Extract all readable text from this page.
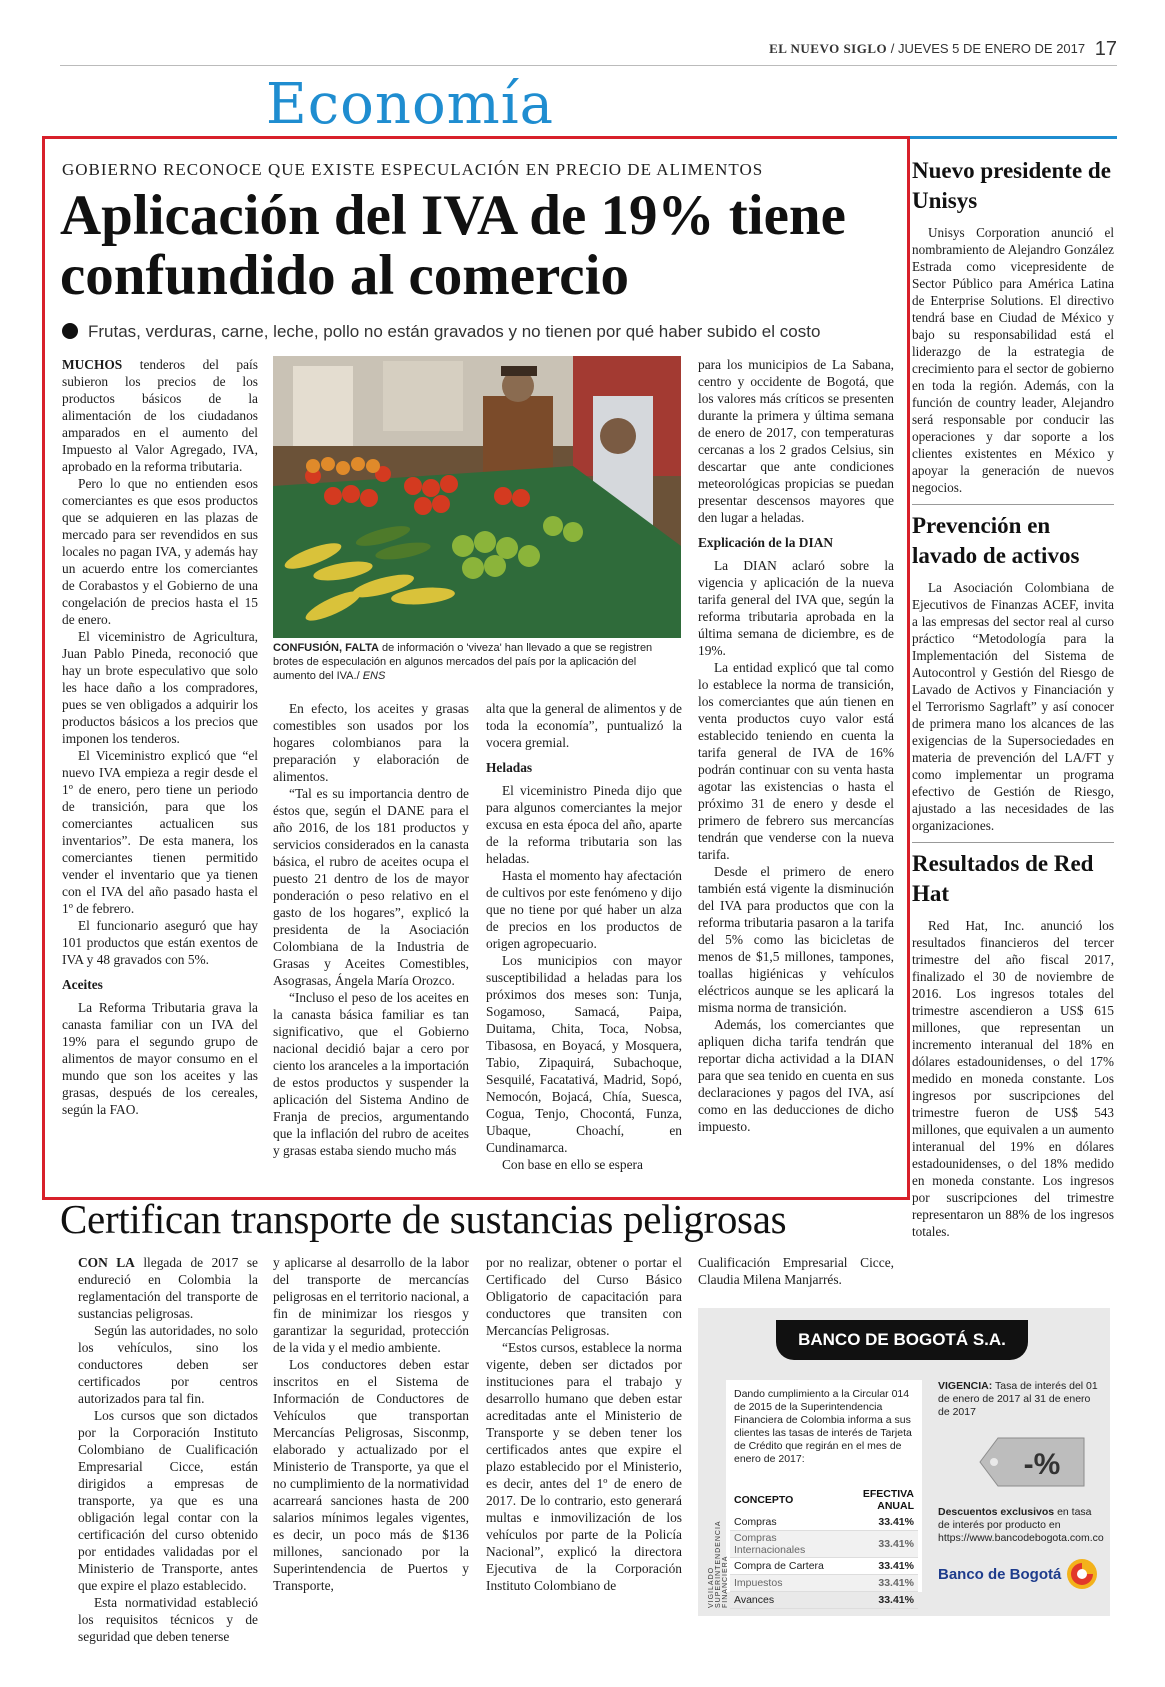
EL NUEVO SIGLO / JUEVES 5 DE ENERO DE 2017 17
Economía
GOBIERNO RECONOCE QUE EXISTE ESPECULACIÓN EN PRECIO DE ALIMENTOS
Aplicación del IVA de 19% tiene confundido al comercio
Frutas, verduras, carne, leche, pollo no están gravados y no tienen por qué haber subido el costo

MUCHOS tenderos del país subieron los precios de los productos básicos de la alimentación de los ciudadanos amparados en el aumento del Impuesto al Valor Agregado, IVA, aprobado en la reforma tributaria.

Pero lo que no entienden esos comerciantes es que esos productos que se adquieren en las plazas de mercado para ser revendidos en sus locales no pagan IVA, y además hay un acuerdo entre los comerciantes de Corabastos y el Gobierno de una congelación de precios hasta el 15 de enero.

El viceministro de Agricultura, Juan Pablo Pineda, reconoció que hay un brote especulativo que solo les hace daño a los compradores, pues se ven obligados a adquirir los productos básicos a los precios que imponen los tenderos.

El Viceministro explicó que “el nuevo IVA empieza a regir desde el 1º de enero, pero tiene un periodo de transición, para que los comerciantes actualicen sus inventarios”. De esta manera, los comerciantes tienen permitido vender el inventario que ya tienen con el IVA del año pasado hasta el 1º de febrero.

El funcionario aseguró que hay 101 productos que están exentos de IVA y 48 gravados con 5%.

Aceites

La Reforma Tributaria grava la canasta familiar con un IVA del 19% para el segundo grupo de alimentos de mayor consumo en el mundo que son los aceites y las grasas, después de los cereales, según la FAO.

CONFUSIÓN, FALTA de información o 'viveza' han llevado a que se registren brotes de especulación en algunos mercados del país por la aplicación del aumento del IVA./ ENS

En efecto, los aceites y grasas comestibles son usados por los hogares colombianos para la preparación y elaboración de alimentos.

“Tal es su importancia dentro de éstos que, según el DANE para el año 2016, de los 181 productos y servicios considerados en la canasta básica, el rubro de aceites ocupa el puesto 21 dentro de los de mayor ponderación o peso relativo en el gasto de los hogares”, explicó la presidenta de la Asociación Colombiana de la Industria de Grasas y Aceites Comestibles, Asograsas, Ángela María Orozco.

“Incluso el peso de los aceites en la canasta básica familiar es tan significativo, que el Gobierno nacional decidió bajar a cero por ciento los aranceles a la importación de estos productos y suspender la aplicación del Sistema Andino de Franja de precios, argumentando que la inflación del rubro de aceites y grasas estaba siendo mucho más

alta que la general de alimentos y de toda la economía”, puntualizó la vocera gremial.

Heladas

El viceministro Pineda dijo que para algunos comerciantes la mejor excusa en esta época del año, aparte de la reforma tributaria son las heladas.

Hasta el momento hay afectación de cultivos por este fenómeno y dijo que no tiene por qué haber un alza de precios en los productos de origen agropecuario.

Los municipios con mayor susceptibilidad a heladas para los próximos dos meses son: Tunja, Sogamoso, Samacá, Paipa, Duitama, Chita, Toca, Nobsa, Tibasosa, en Boyacá, y Mosquera, Tabio, Zipaquirá, Subachoque, Sesquilé, Facatativá, Madrid, Sopó, Nemocón, Bojacá, Chía, Suesca, Cogua, Tenjo, Chocontá, Funza, Ubaque, Choachí, en Cundinamarca.

Con base en ello se espera

para los municipios de La Sabana, centro y occidente de Bogotá, que los valores más críticos se presenten durante la primera y última semana de enero de 2017, con temperaturas cercanas a los 2 grados Celsius, sin descartar que ante condiciones meteorológicas propicias se puedan presentar descensos mayores que den lugar a heladas.

Explicación de la DIAN

La DIAN aclaró sobre la vigencia y aplicación de la nueva tarifa general del IVA que, según la reforma tributaria aprobada en la última semana de diciembre, es de 19%.

La entidad explicó que tal como lo establece la norma de transición, los comerciantes que aún tienen en venta productos cuyo valor está establecido teniendo en cuenta la tarifa general de IVA de 16% podrán continuar con su venta hasta agotar las existencias o hasta el próximo 31 de enero y desde el primero de febrero sus mercancías tendrán que venderse con la nueva tarifa.

Desde el primero de enero también está vigente la disminución del IVA para productos que con la reforma tributaria pasaron a la tarifa del 5% como las bicicletas de menos de $1,5 millones, tampones, toallas higiénicas y vehículos eléctricos aunque se les aplicará la misma norma de transición.

Además, los comerciantes que apliquen dicha tarifa tendrán que reportar dicha actividad a la DIAN para que sea tenido en cuenta en sus declaraciones y pagos del IVA, así como en las deducciones de dicho impuesto.

Nuevo presidente de Unisys

Unisys Corporation anunció el nombramiento de Alejandro González Estrada como vicepresidente de Sector Público para América Latina de Enterprise Solutions. El directivo tendrá base en Ciudad de México y bajo su responsabilidad está el liderazgo de la estrategia de crecimiento para el sector de gobierno en toda la región. Además, con la función de country leader, Alejandro será responsable por conducir las operaciones y dar soporte a los clientes existentes en México y apoyar la generación de nuevos negocios.

Prevención en lavado de activos

La Asociación Colombiana de Ejecutivos de Finanzas ACEF, invita a las empresas del sector real al curso práctico “Metodología para la Implementación del Sistema de Autocontrol y Gestión del Riesgo de Lavado de Activos y Financiación y el Terrorismo Sagrlaft” y así conocer de primera mano los alcances de las exigencias de la Supersociedades en materia de prevención del LA/FT y como implementar un programa efectivo de Gestión de Riesgo, ajustado a las necesidades de las organizaciones.

Resultados de Red Hat

Red Hat, Inc. anunció los resultados financieros del tercer trimestre del año fiscal 2017, finalizado el 30 de noviembre de 2016. Los ingresos totales del trimestre ascendieron a US$ 615 millones, que representan un incremento interanual del 18% en dólares estadounidenses, o del 17% medido en moneda constante. Los ingresos por suscripciones del trimestre fueron de US$ 543 millones, que equivalen a un aumento interanual del 19% en dólares estadounidenses, o del 18% medido en moneda constante. Los ingresos por suscripciones del trimestre representaron un 88% de los ingresos totales.

Certifican transporte de sustancias peligrosas

CON LA llegada de 2017 se endureció en Colombia la reglamentación del transporte de sustancias peligrosas.

Según las autoridades, no solo los vehículos, sino los conductores deben ser certificados por centros autorizados para tal fin.

Los cursos que son dictados por la Corporación Instituto Colombiano de Cualificación Empresarial Cicce, están dirigidos a empresas de transporte, ya que es una obligación legal contar con la certificación del curso obtenido por entidades validadas por el Ministerio de Transporte, antes que expire el plazo establecido.

Esta normatividad estableció los requisitos técnicos y de seguridad que deben tenerse

y aplicarse al desarrollo de la labor del transporte de mercancías peligrosas en el territorio nacional, a fin de minimizar los riesgos y garantizar la seguridad, protección de la vida y el medio ambiente.

Los conductores deben estar inscritos en el Sistema de Información de Conductores de Vehículos que transportan Mercancías Peligrosas, Sisconmp, elaborado y actualizado por el Ministerio de Transporte, ya que el no cumplimiento de la normatividad acarreará sanciones hasta de 200 salarios mínimos legales vigentes, es decir, un poco más de $136 millones, sancionado por la Superintendencia de Puertos y Transporte,

por no realizar, obtener o portar el Certificado del Curso Básico Obligatorio de capacitación para conductores que transiten con Mercancías Peligrosas.

“Estos cursos, establece la norma vigente, deben ser dictados por instituciones para el trabajo y desarrollo humano que deben estar acreditadas ante el Ministerio de Transporte y se deben tener los certificados antes que expire el plazo establecido por el Ministerio, es decir, antes del 1º de enero de 2017. De lo contrario, esto generará multas e inmovilización de los vehículos por parte de la Policía Nacional”, explicó la directora Ejecutiva de la Corporación Instituto Colombiano de

Cualificación Empresarial Cicce, Claudia Milena Manjarrés.

BANCO DE BOGOTÁ S.A.
Dando cumplimiento a la Circular 014 de 2015 de la Superintendencia Financiera de Colombia informa a sus clientes las tasas de interés de Tarjeta de Crédito que regirán en el mes de enero de 2017:
CONCEPTO	EFECTIVA ANUAL
Compras	33.41%
Compras Internacionales	33.41%
Compra de Cartera	33.41%
Impuestos	33.41%
Avances	33.41%
VIGILADO SUPERINTENDENCIA FINANCIERA
VIGENCIA: Tasa de interés del 01 de enero de 2017 al 31 de enero de 2017
-%
Descuentos exclusivos en tasa de interés por producto en https://www.bancodebogota.com.co
Banco de Bogotá
